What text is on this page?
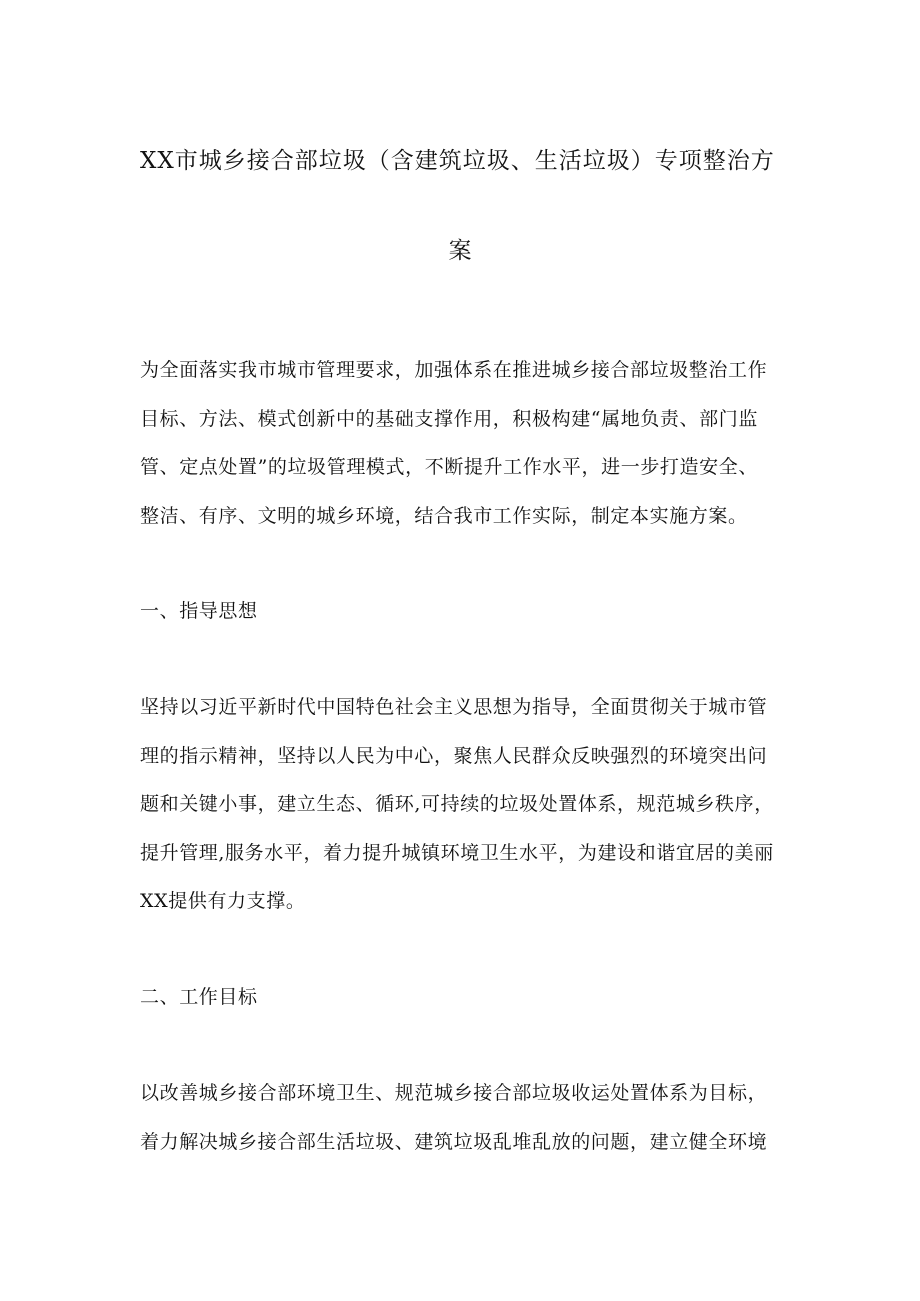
XX市城乡接合部垃圾（含建筑垃圾、生活垃圾）专项整治方
案
为全面落实我市城市管理要求，加强体系在推进城乡接合部垃圾整治工作
目标、方法、模式创新中的基础支撑作用，积极构建“属地负责、部门监
管、定点处置”的垃圾管理模式，不断提升工作水平，进一步打造安全、
整洁、有序、文明的城乡环境，结合我市工作实际，制定本实施方案。
一、指导思想
坚持以习近平新时代中国特色社会主义思想为指导，全面贯彻关于城市管
理的指示精神，坚持以人民为中心，聚焦人民群众反映强烈的环境突出问
题和关键小事，建立生态、循环,可持续的垃圾处置体系，规范城乡秩序，
提升管理,服务水平，着力提升城镇环境卫生水平，为建设和谐宜居的美丽
XX提供有力支撑。
二、工作目标
以改善城乡接合部环境卫生、规范城乡接合部垃圾收运处置体系为目标，
着力解决城乡接合部生活垃圾、建筑垃圾乱堆乱放的问题，建立健全环境
